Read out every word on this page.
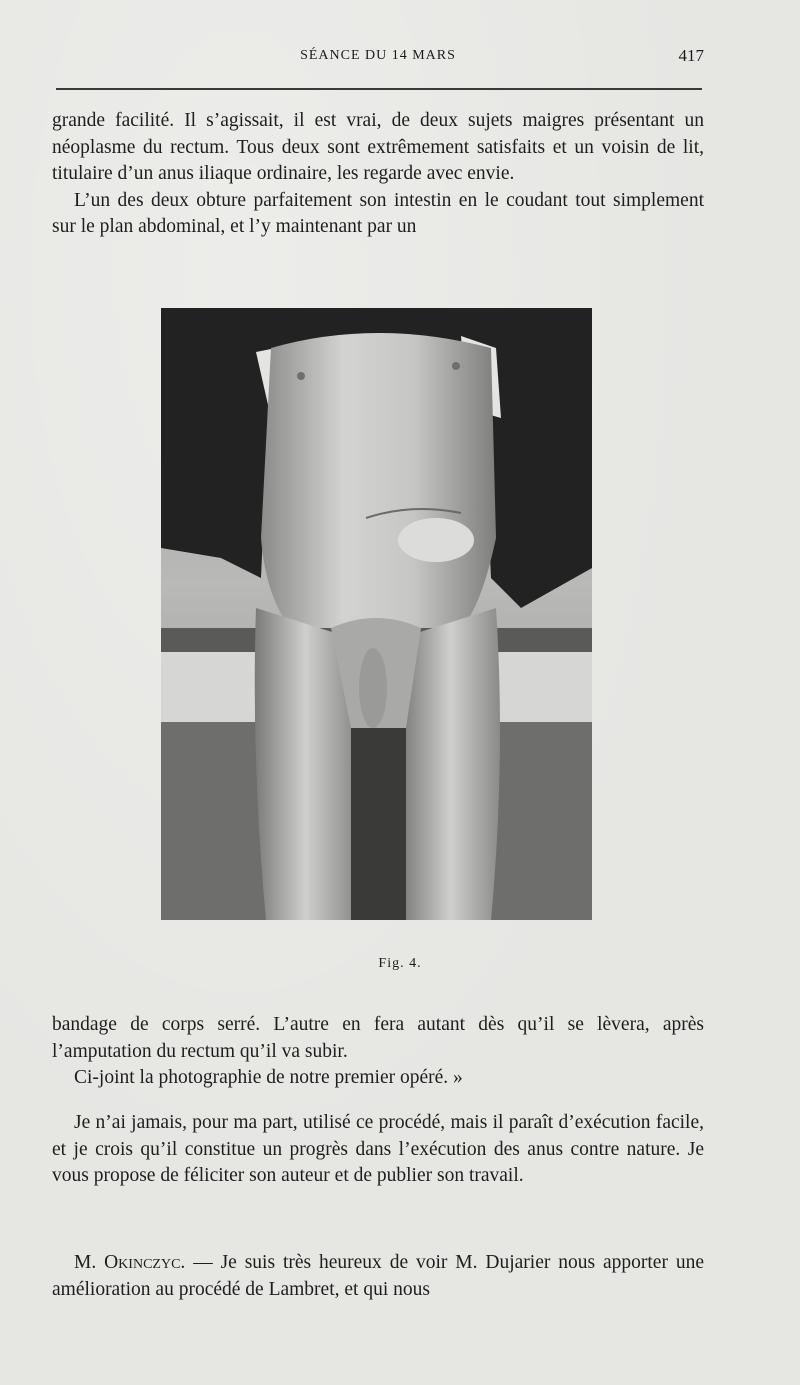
SÉANCE DU 14 MARS	417

grande facilité. Il s’agissait, il est vrai, de deux sujets maigres présentant un néoplasme du rectum. Tous deux sont extrêmement satisfaits et un voisin de lit, titulaire d’un anus iliaque ordinaire, les regarde avec envie.

L’un des deux obture parfaitement son intestin en le coudant tout simplement sur le plan abdominal, et l’y maintenant par un

Fig. 4.

bandage de corps serré. L’autre en fera autant dès qu’il se lèvera, après l’amputation du rectum qu’il va subir.

Ci-joint la photographie de notre premier opéré. »

Je n’ai jamais, pour ma part, utilisé ce procédé, mais il paraît d’exécution facile, et je crois qu’il constitue un progrès dans l’exécution des anus contre nature. Je vous propose de féliciter son auteur et de publier son travail.

M. Okinczyc. — Je suis très heureux de voir M. Dujarier nous apporter une amélioration au procédé de Lambret, et qui nous
